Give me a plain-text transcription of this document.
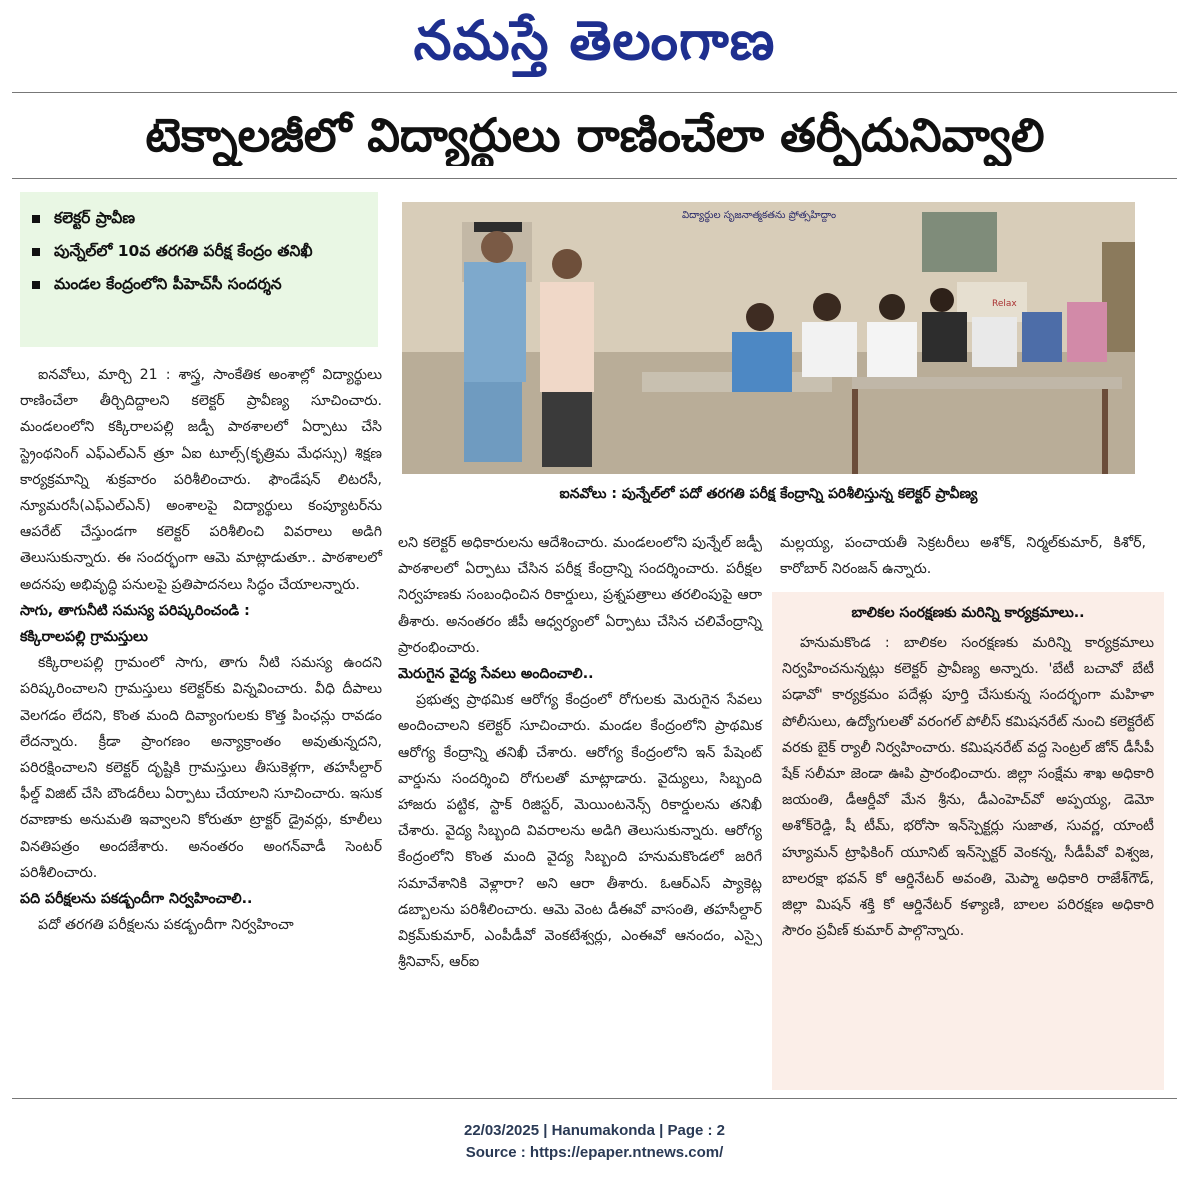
నమస్తే తెలంగాణ
టెక్నాలజీలో విద్యార్థులు రాణించేలా తర్ఫీదునివ్వాలి
కలెక్టర్ ప్రావీణ
పున్నేల్‌లో 10వ తరగతి పరీక్ష కేంద్రం తనిఖీ
మండల కేంద్రంలోని పీహెచ్‌సీ సందర్శన
విద్యార్థుల సృజనాత్మకతను ప్రోత్సహిద్దాం
Relax
ఐనవోలు : పున్నేల్‌లో పదో తరగతి పరీక్ష కేంద్రాన్ని పరిశీలిస్తున్న కలెక్టర్ ప్రావీణ్య

ఐనవోలు, మార్చి 21 : శాస్త్ర, సాంకేతిక అంశాల్లో విద్యార్థులు రాణించేలా తీర్చిదిద్దాలని కలెక్టర్ ప్రావీణ్య సూచించారు. మండలంలోని కక్కిరాలపల్లి జడ్పీ పాఠశాలలో ఏర్పాటు చేసి స్ట్రెంథనింగ్ ఎఫ్‌ఎల్‌ఎన్ త్రూ ఏఐ టూల్స్(కృత్రిమ మేధస్సు) శిక్షణ కార్యక్రమాన్ని శుక్రవారం పరిశీలించారు. ఫౌండేషన్ లిటరసీ, న్యూమరసీ(ఎఫ్‌ఎల్‌ఎన్) అంశాలపై విద్యార్థులు కంప్యూటర్‌ను ఆపరేట్ చేస్తుండగా కలెక్టర్ పరిశీలించి వివరాలు అడిగి తెలుసుకున్నారు. ఈ సందర్భంగా ఆమె మాట్లాడుతూ.. పాఠశాలలో అదనపు అభివృద్ధి పనులపై ప్రతిపాదనలు సిద్ధం చేయాలన్నారు.

సాగు, తాగునీటి సమస్య పరిష్కరించండి :

కక్కిరాలపల్లి గ్రామస్తులు

కక్కిరాలపల్లి గ్రామంలో సాగు, తాగు నీటి సమస్య ఉందని పరిష్కరించాలని గ్రామస్తులు కలెక్టర్‌కు విన్నవించారు. వీధి దీపాలు వెలగడం లేదని, కొంత మంది దివ్యాంగులకు కొత్త పింఛన్లు రావడం లేదన్నారు. క్రీడా ప్రాంగణం అన్యాక్రాంతం అవుతున్నదని, పరిరక్షించాలని కలెక్టర్ దృష్టికి గ్రామస్తులు తీసుకెళ్లగా, తహసీల్దార్ ఫీల్డ్ విజిట్ చేసి బౌండరీలు ఏర్పాటు చేయాలని సూచించారు. ఇసుక రవాణాకు అనుమతి ఇవ్వాలని కోరుతూ ట్రాక్టర్ డ్రైవర్లు, కూలీలు వినతిపత్రం అందజేశారు. అనంతరం అంగన్‌వాడీ సెంటర్ పరిశీలించారు.

పది పరీక్షలను పకడ్బందీగా నిర్వహించాలి..

పదో తరగతి పరీక్షలను పకడ్బందీగా నిర్వహించా

లని కలెక్టర్ అధికారులను ఆదేశించారు. మండలంలోని పున్నేల్ జడ్పీ పాఠశాలలో ఏర్పాటు చేసిన పరీక్ష కేంద్రాన్ని సందర్శించారు. పరీక్షల నిర్వహణకు సంబంధించిన రికార్డులు, ప్రశ్నపత్రాలు తరలింపుపై ఆరా తీశారు. అనంతరం జీపీ ఆధ్వర్యంలో ఏర్పాటు చేసిన చలివేంద్రాన్ని ప్రారంభించారు.

మెరుగైన వైద్య సేవలు అందించాలి..

ప్రభుత్వ ప్రాథమిక ఆరోగ్య కేంద్రంలో రోగులకు మెరుగైన సేవలు అందించాలని కలెక్టర్ సూచించారు. మండల కేంద్రంలోని ప్రాథమిక ఆరోగ్య కేంద్రాన్ని తనిఖీ చేశారు. ఆరోగ్య కేంద్రంలోని ఇన్ పేషెంట్ వార్డును సందర్శించి రోగులతో మాట్లాడారు. వైద్యులు, సిబ్బంది హాజరు పట్టిక, స్టాక్ రిజిస్టర్, మెయింటనెన్స్ రికార్డులను తనిఖీ చేశారు. వైద్య సిబ్బంది వివరాలను అడిగి తెలుసుకున్నారు. ఆరోగ్య కేంద్రంలోని కొంత మంది వైద్య సిబ్బంది హనుమకొండలో జరిగే సమావేశానికి వెళ్లారా? అని ఆరా తీశారు. ఓఆర్ఎస్ ప్యాకెట్ల డబ్బాలను పరిశీలించారు. ఆమె వెంట డీఈవో వాసంతి, తహసీల్దార్ విక్రమ్‌కుమార్, ఎంపీడీవో వెంకటేశ్వర్లు, ఎంఈవో ఆనందం, ఎస్సై శ్రీనివాస్, ఆర్ఐ

మల్లయ్య, పంచాయతీ సెక్రటరీలు అశోక్, నిర్మల్‌కుమార్, కిశోర్, కారోబార్ నిరంజన్ ఉన్నారు.

బాలికల సంరక్షణకు మరిన్ని కార్యక్రమాలు..

హనుమకొండ : బాలికల సంరక్షణకు మరిన్ని కార్యక్రమాలు నిర్వహించనున్నట్లు కలెక్టర్ ప్రావీణ్య అన్నారు. 'బేటీ బచావో బేటీ పఢావో' కార్యక్రమం పదేళ్లు పూర్తి చేసుకున్న సందర్భంగా మహిళా పోలీసులు, ఉద్యోగులతో వరంగల్ పోలీస్ కమిషనరేట్ నుంచి కలెక్టరేట్ వరకు బైక్ ర్యాలీ నిర్వహించారు. కమిషనరేట్ వద్ద సెంట్రల్ జోన్ డీసీపీ షేక్ సలీమా జెండా ఊపి ప్రారంభించారు. జిల్లా సంక్షేమ శాఖ అధికారి జయంతి, డీఆర్డీవో మేన శ్రీను, డీఎంహెచ్‌వో అప్పయ్య, డెమో అశోక్‌రెడ్డి, షీ టీమ్, భరోసా ఇన్‌స్పెక్టర్లు సుజాత, సువర్ణ, యాంటీ హ్యూమన్ ట్రాఫికింగ్ యూనిట్ ఇన్‌స్పెక్టర్ వెంకన్న, సీడీపీవో విశ్వజ, బాలరక్షా భవన్ కో ఆర్డినేటర్ అవంతి, మెప్మా అధికారి రాజేశ్‌గౌడ్, జిల్లా మిషన్ శక్తి కో ఆర్డినేటర్ కళ్యాణి, బాలల పరిరక్షణ అధికారి సౌరం ప్రవీణ్ కుమార్ పాల్గొన్నారు.

22/03/2025 | Hanumakonda | Page : 2
Source : https://epaper.ntnews.com/
